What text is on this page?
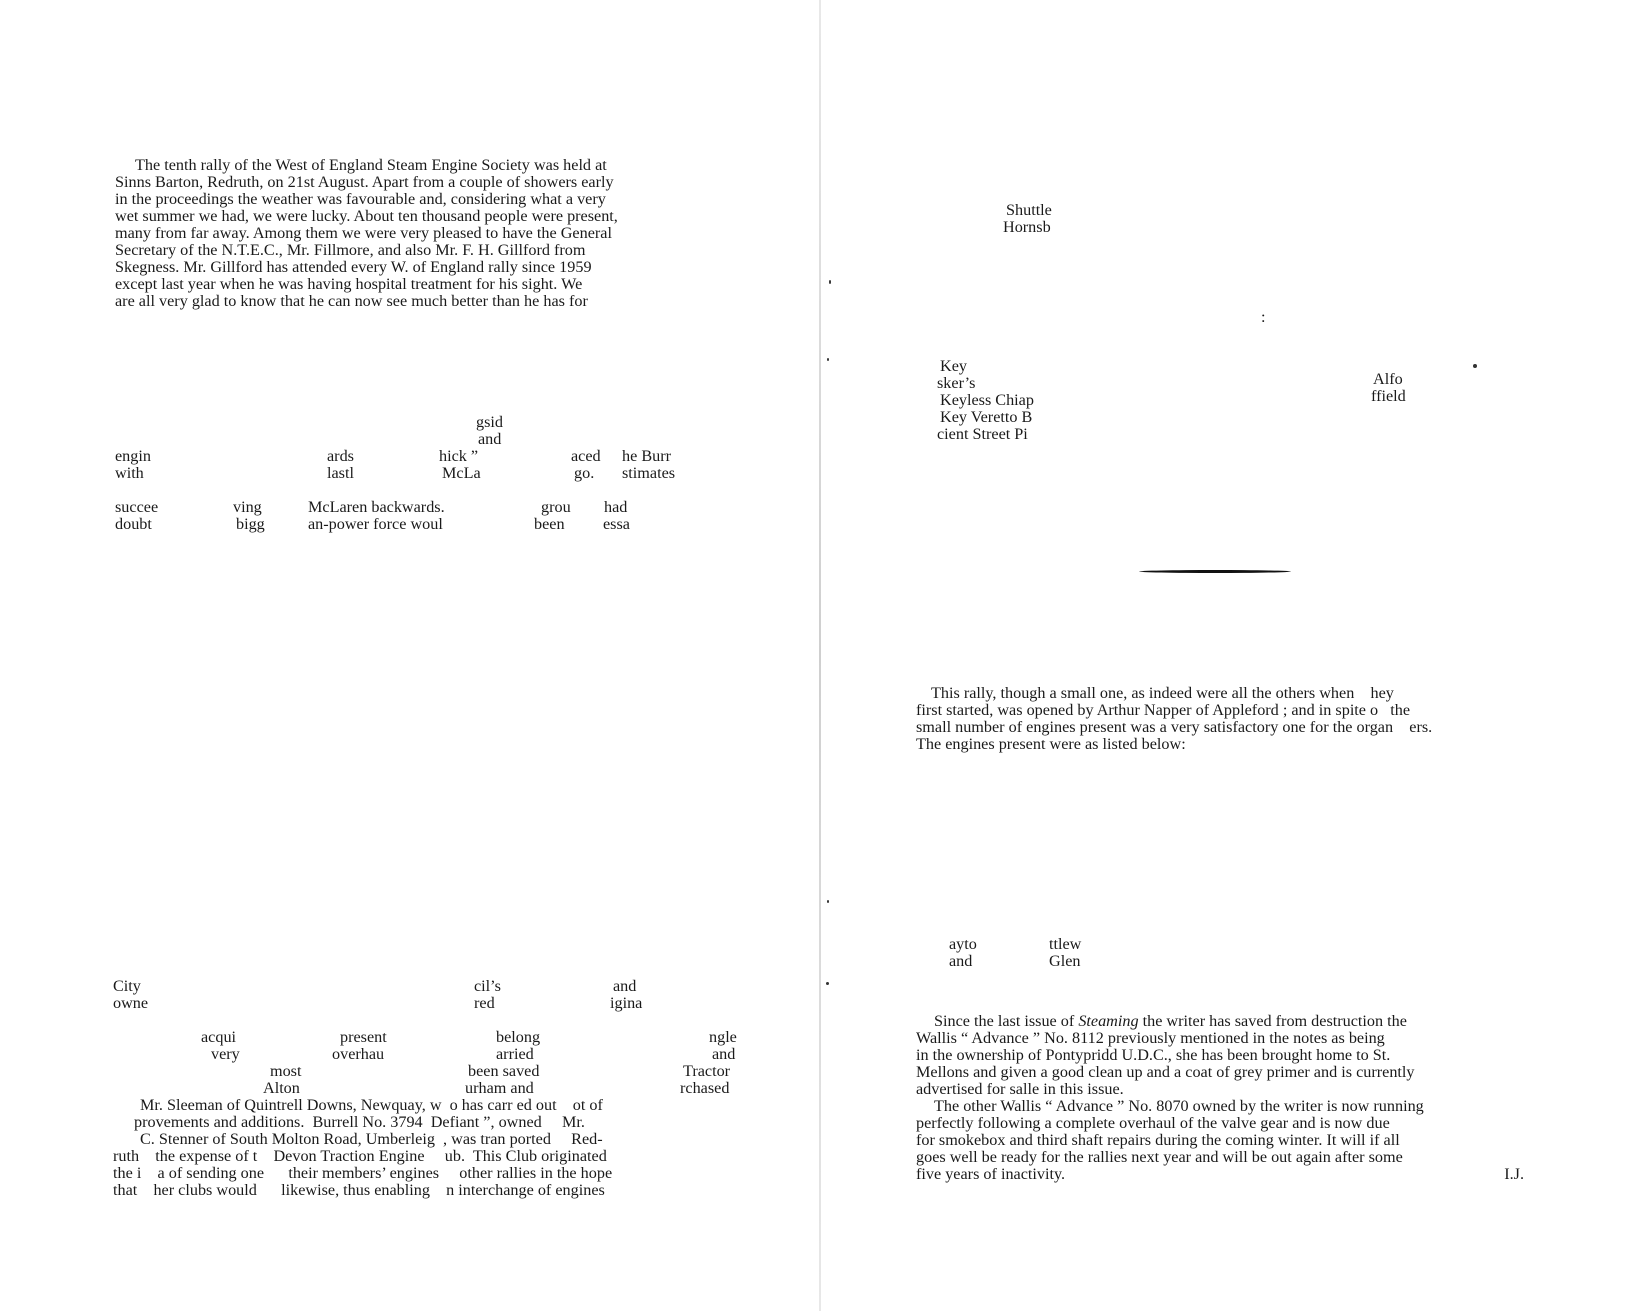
The tenth rally of the West of England Steam Engine Society was held at
Sinns Barton, Redruth, on 21st August. Apart from a couple of showers early
in the proceedings the weather was favourable and, considering what a very
wet summer we had, we were lucky. About ten thousand people were present,
many from far away. Among them we were very pleased to have the General
Secretary of the N.T.E.C., Mr. Fillmore, and also Mr. F. H. Gillford from
Skegness. Mr. Gillford has attended every W. of England rally since 1959
except last year when he was having hospital treatment for his sight. We
are all very glad to know that he can now see much better than he has for
gsid
and
engin	ards	hick ”	aced he Burr
with	lastl	McLa	go. stimates
succee	ving	McLaren backwards.	grou had
doubt	bigg	an-power force woul	been essa
City	cil’s	and
owne	red	igina
acqui	present	belong	ngle
very	overhau	arried	and
most	been saved	Tractor
Alton	urham and	rchased
Mr. Sleeman of Quintrell Downs, Newquay, w  o has carr ed out    ot of
provements and additions.  Burrell No. 3794  Defiant ”, owned     Mr.
C. Stenner of South Molton Road, Umberleig  , was tran ported     Red-
ruth    the expense of t    Devon Traction Engine     ub.  This Club originated
the i    a of sending one      their members’ engines     other rallies in the hope
that    her clubs would      likewise, thus enabling    n interchange of engines
Shuttle
Hornsb
:
Key
sker’s
Keyless Chiap
Key Veretto B
cient Street Pi
Alfo
ffield
This rally, though a small one, as indeed were all the others when    hey
first started, was opened by Arthur Napper of Appleford ; and in spite o   the
small number of engines present was a very satisfactory one for the organ    ers.
The engines present were as listed below:
ayto	ttlew
and	Glen
Since the last issue of Steaming the writer has saved from destruction the
Wallis “ Advance ” No. 8112 previously mentioned in the notes as being
in the ownership of Pontypridd U.D.C., she has been brought home to St.
Mellons and given a good clean up and a coat of grey primer and is currently
advertised for salle in this issue.
The other Wallis “ Advance ” No. 8070 owned by the writer is now running
perfectly following a complete overhaul of the valve gear and is now due
for smokebox and third shaft repairs during the coming winter. It will if all
goes well be ready for the rallies next year and will be out again after some
five years of inactivity.	I.J.
